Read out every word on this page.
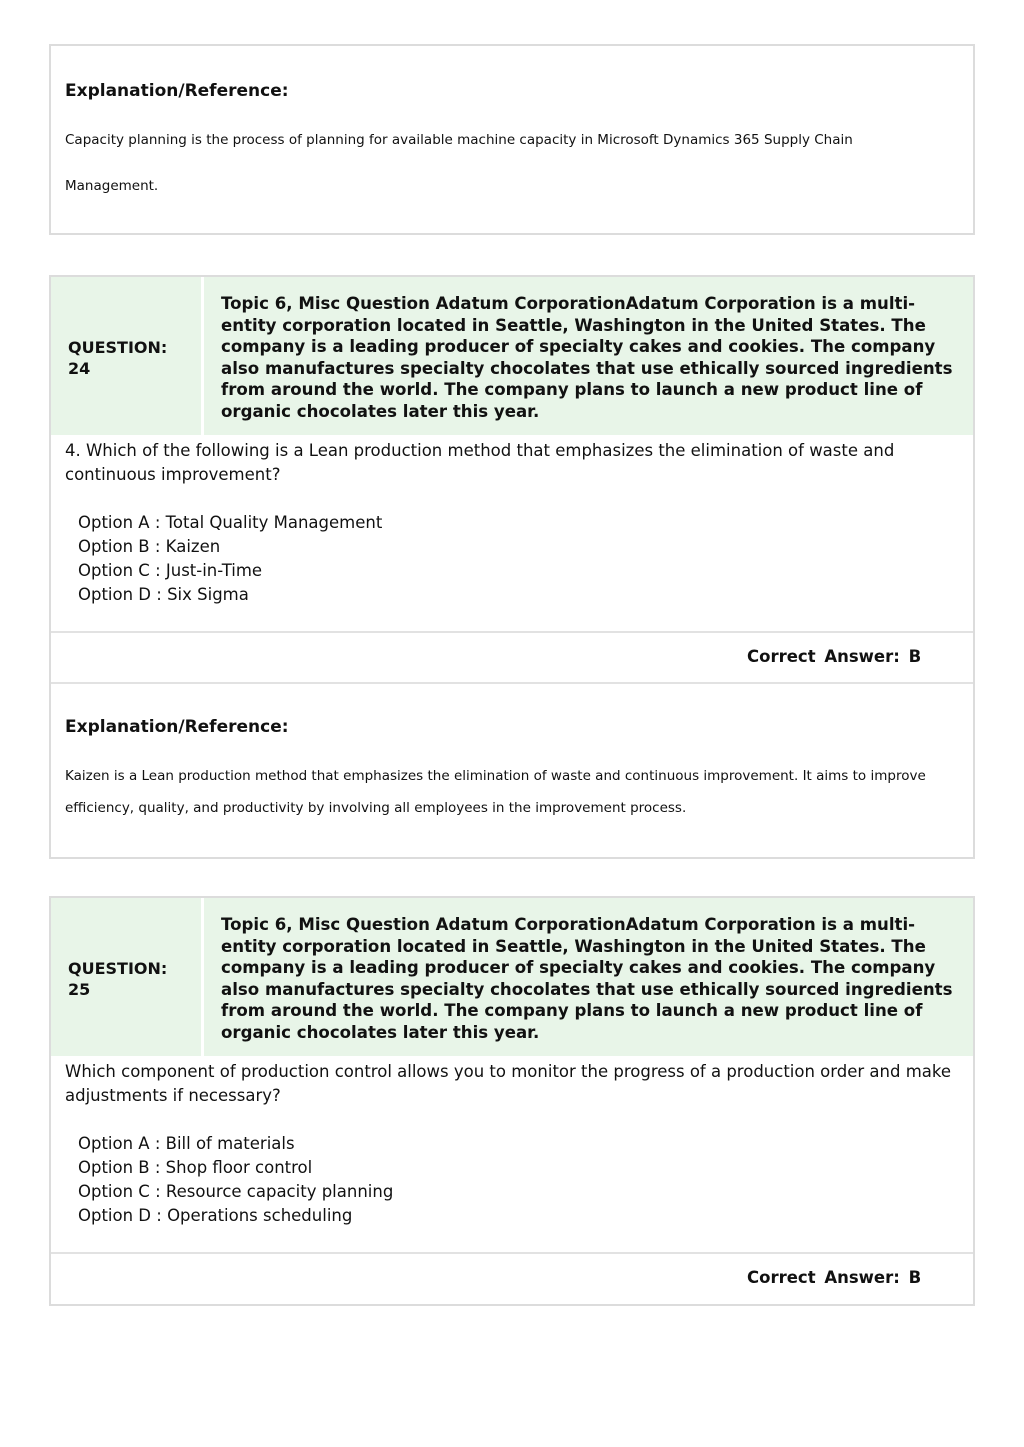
Explanation/Reference:
Capacity planning is the process of planning for available machine capacity in Microsoft Dynamics 365 Supply Chain
Management.
QUESTION:
24
Topic 6, Misc Question Adatum CorporationAdatum Corporation is a multi-entity corporation located in Seattle, Washington in the United States. The company is a leading producer of specialty cakes and cookies. The company also manufactures specialty chocolates that use ethically sourced ingredients from around the world. The company plans to launch a new product line of organic chocolates later this year.
4. Which of the following is a Lean production method that emphasizes the elimination of waste and continuous improvement?
Option A : Total Quality Management
Option B : Kaizen
Option C : Just-in-Time
Option D : Six Sigma
Correct Answer: B
Explanation/Reference:
Kaizen is a Lean production method that emphasizes the elimination of waste and continuous improvement. It aims to improve
efficiency, quality, and productivity by involving all employees in the improvement process.
QUESTION:
25
Topic 6, Misc Question Adatum CorporationAdatum Corporation is a multi-entity corporation located in Seattle, Washington in the United States. The company is a leading producer of specialty cakes and cookies. The company also manufactures specialty chocolates that use ethically sourced ingredients from around the world. The company plans to launch a new product line of organic chocolates later this year.
Which component of production control allows you to monitor the progress of a production order and make adjustments if necessary?
Option A : Bill of materials
Option B : Shop floor control
Option C : Resource capacity planning
Option D : Operations scheduling
Correct Answer: B
